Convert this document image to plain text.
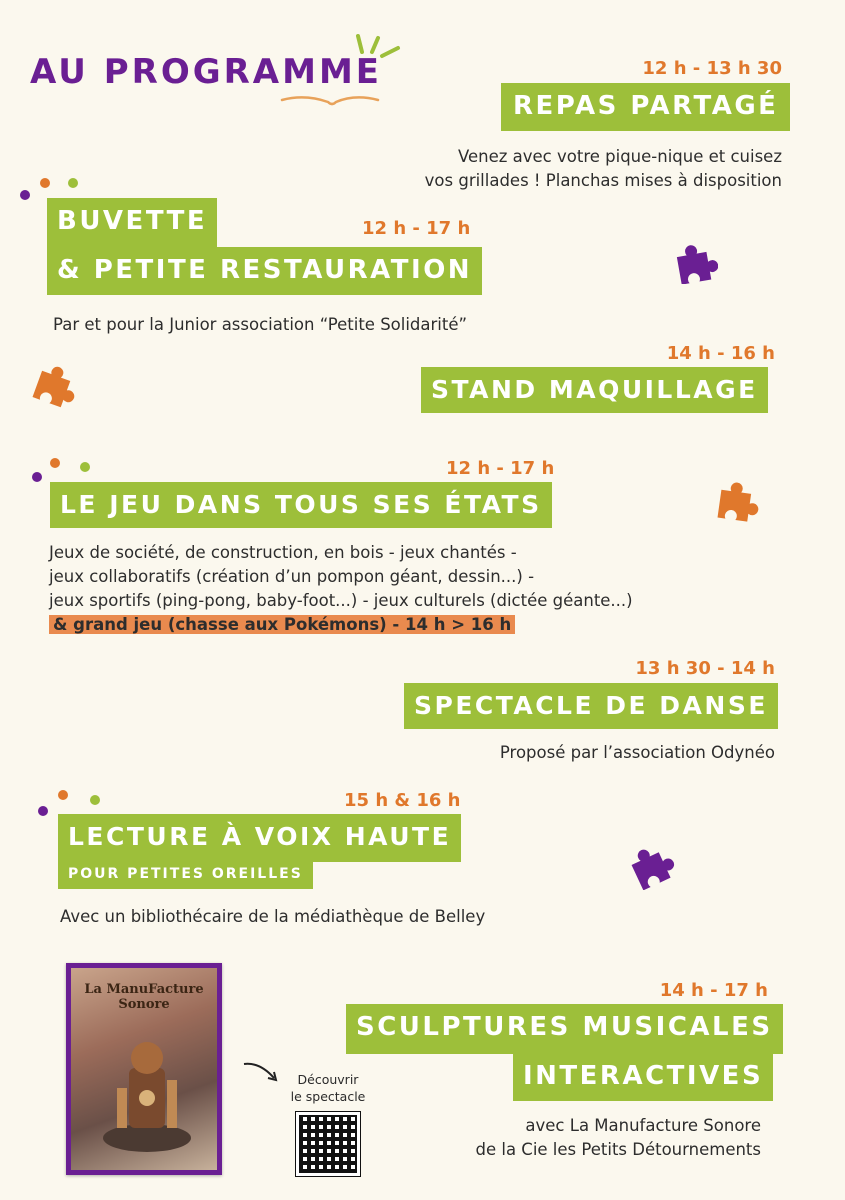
AU PROGRAMME	12 h - 13 h 30
REPAS PARTAGÉ
Venez avec votre pique-nique et cuisez
vos grillades ! Planchas mises à disposition
BUVETTE
& PETITE RESTAURATION
12 h - 17 h
Par et pour la Junior association “Petite Solidarité”
14 h - 16 h
STAND MAQUILLAGE
12 h - 17 h
LE JEU DANS TOUS SES ÉTATS
Jeux de société, de construction, en bois - jeux chantés -
jeux collaboratifs (création d’un pompon géant, dessin...) -
jeux sportifs (ping-pong, baby-foot...) - jeux culturels (dictée géante...)
& grand jeu (chasse aux Pokémons) - 14 h > 16 h
13 h 30 - 14 h
SPECTACLE DE DANSE
Proposé par l’association Odynéo
15 h & 16 h
LECTURE À VOIX HAUTE
POUR PETITES OREILLES
Avec un bibliothécaire de la médiathèque de Belley
La ManuFacture
Sonore
Découvrir
le spectacle
14 h - 17 h
SCULPTURES MUSICALES
INTERACTIVES
avec La Manufacture Sonore
de la Cie les Petits Détournements
